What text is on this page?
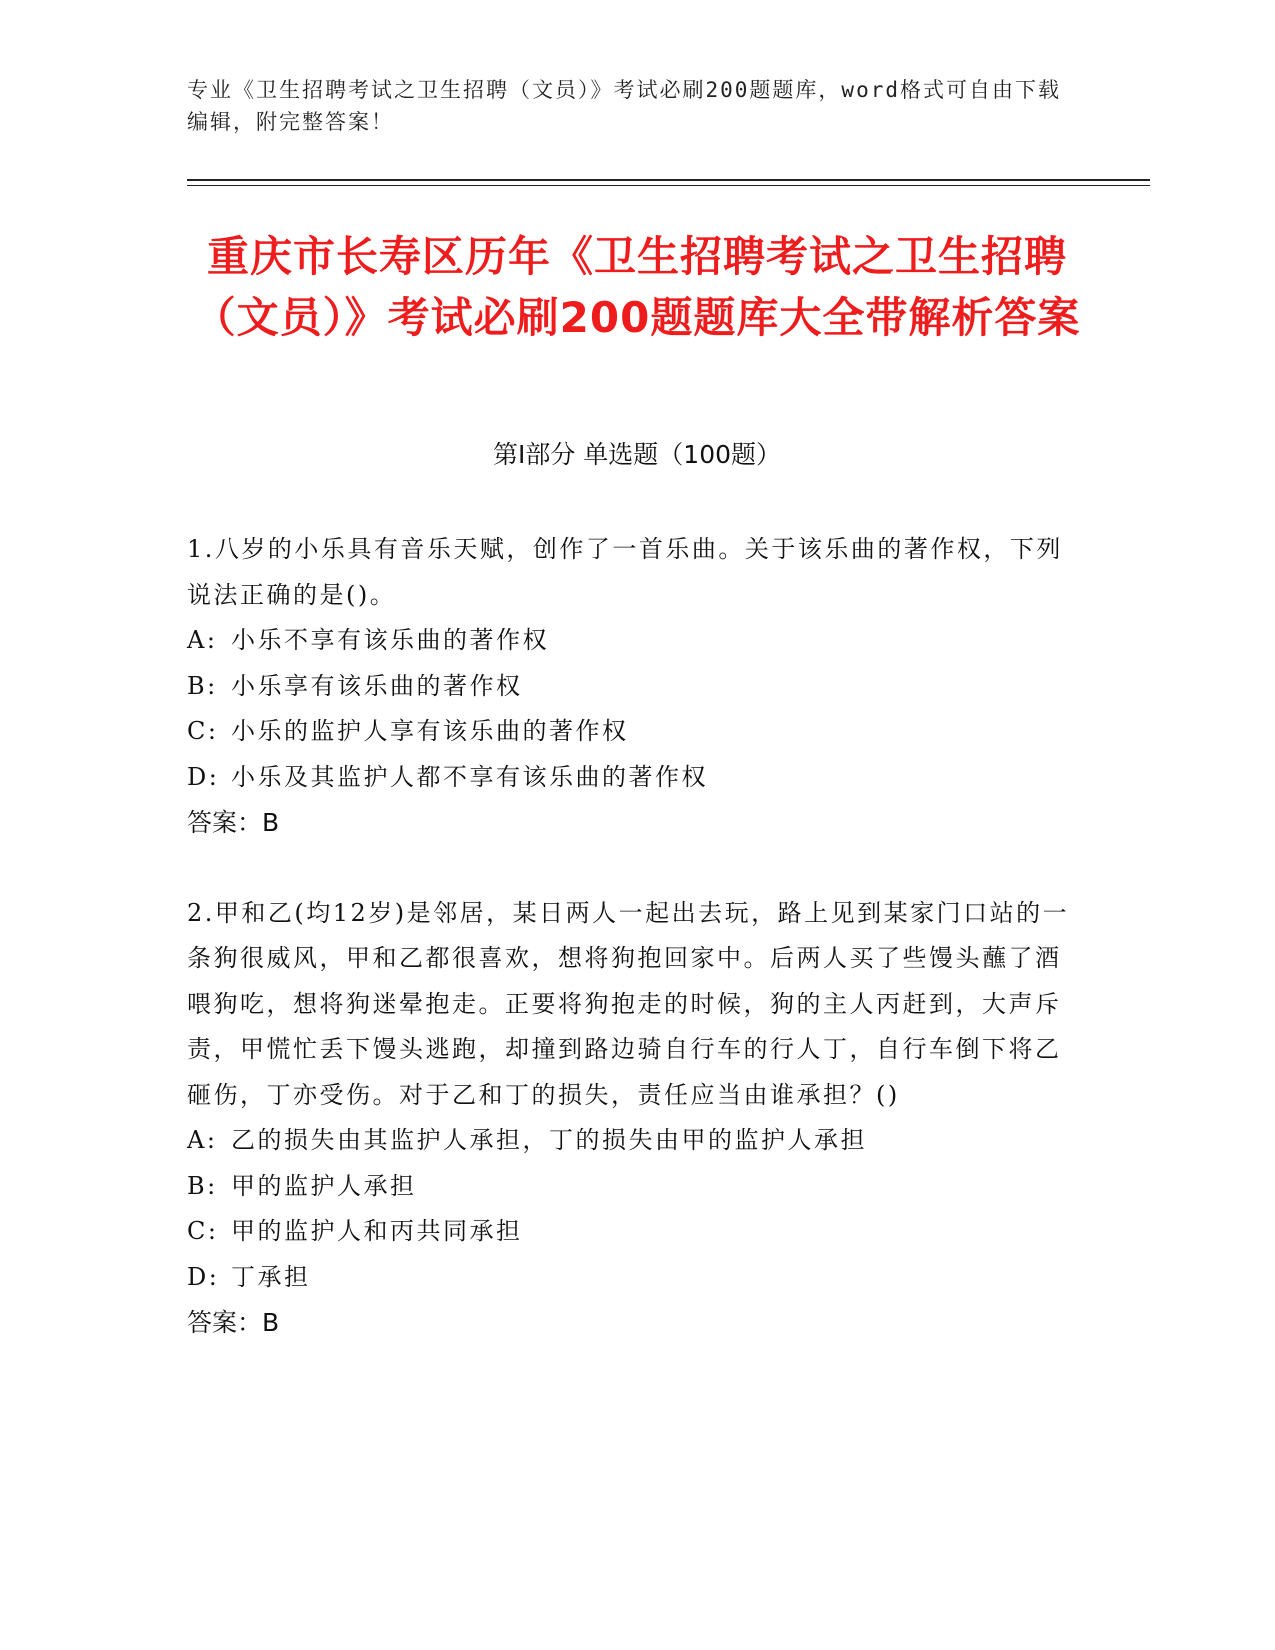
专业《卫生招聘考试之卫生招聘（文员）》考试必刷200题题库，word格式可自由下载编辑，附完整答案！
重庆市长寿区历年《卫生招聘考试之卫生招聘（文员）》考试必刷200题题库大全带解析答案
第Ⅰ部分 单选题（100题）
1.八岁的小乐具有音乐天赋，创作了一首乐曲。关于该乐曲的著作权，下列说法正确的是()。
A: 小乐不享有该乐曲的著作权
B: 小乐享有该乐曲的著作权
C: 小乐的监护人享有该乐曲的著作权
D: 小乐及其监护人都不享有该乐曲的著作权
答案：B
2.甲和乙(均12岁)是邻居，某日两人一起出去玩，路上见到某家门口站的一条狗很威风，甲和乙都很喜欢，想将狗抱回家中。后两人买了些馒头蘸了酒喂狗吃，想将狗迷晕抱走。正要将狗抱走的时候，狗的主人丙赶到，大声斥责，甲慌忙丢下馒头逃跑，却撞到路边骑自行车的行人丁，自行车倒下将乙砸伤，丁亦受伤。对于乙和丁的损失，责任应当由谁承担？()
A: 乙的损失由其监护人承担，丁的损失由甲的监护人承担
B: 甲的监护人承担
C: 甲的监护人和丙共同承担
D: 丁承担
答案：B
